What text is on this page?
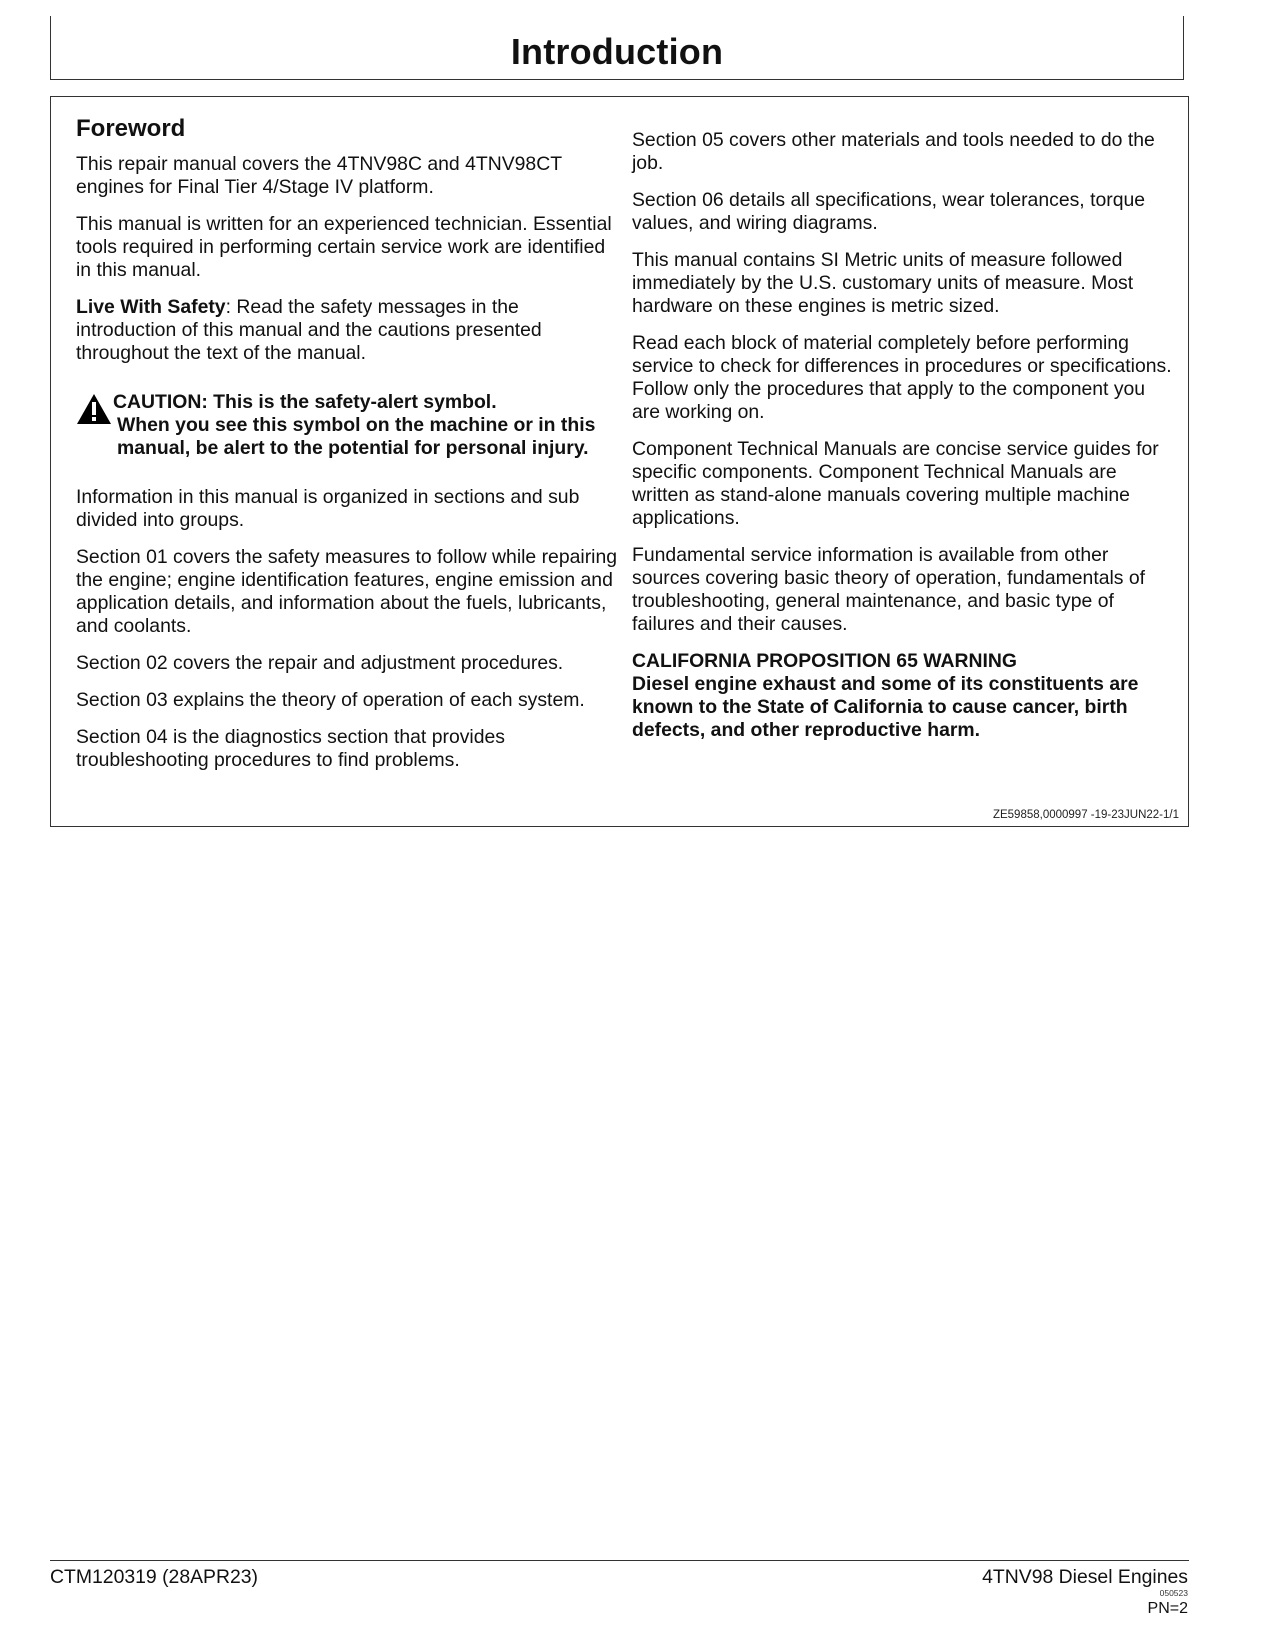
Introduction
Foreword

This repair manual covers the 4TNV98C and 4TNV98CT engines for Final Tier 4/Stage IV platform.

This manual is written for an experienced technician. Essential tools required in performing certain service work are identified in this manual.

Live With Safety: Read the safety messages in the introduction of this manual and the cautions presented throughout the text of the manual.

CAUTION: This is the safety-alert symbol.
When you see this symbol on the machine or in this manual, be alert to the potential for personal injury.

Information in this manual is organized in sections and sub divided into groups.

Section 01 covers the safety measures to follow while repairing the engine; engine identification features, engine emission and application details, and information about the fuels, lubricants, and coolants.

Section 02 covers the repair and adjustment procedures.

Section 03 explains the theory of operation of each system.

Section 04 is the diagnostics section that provides troubleshooting procedures to find problems.

Section 05 covers other materials and tools needed to do the job.

Section 06 details all specifications, wear tolerances, torque values, and wiring diagrams.

This manual contains SI Metric units of measure followed immediately by the U.S. customary units of measure. Most hardware on these engines is metric sized.

Read each block of material completely before performing service to check for differences in procedures or specifications. Follow only the procedures that apply to the component you are working on.

Component Technical Manuals are concise service guides for specific components. Component Technical Manuals are written as stand-alone manuals covering multiple machine applications.

Fundamental service information is available from other sources covering basic theory of operation, fundamentals of troubleshooting, general maintenance, and basic type of failures and their causes.

CALIFORNIA PROPOSITION 65 WARNING
Diesel engine exhaust and some of its constituents are known to the State of California to cause cancer, birth defects, and other reproductive harm.
ZE59858,0000997 -19-23JUN22-1/1
CTM120319 (28APR23)	4TNV98 Diesel Engines
050523
PN=2
